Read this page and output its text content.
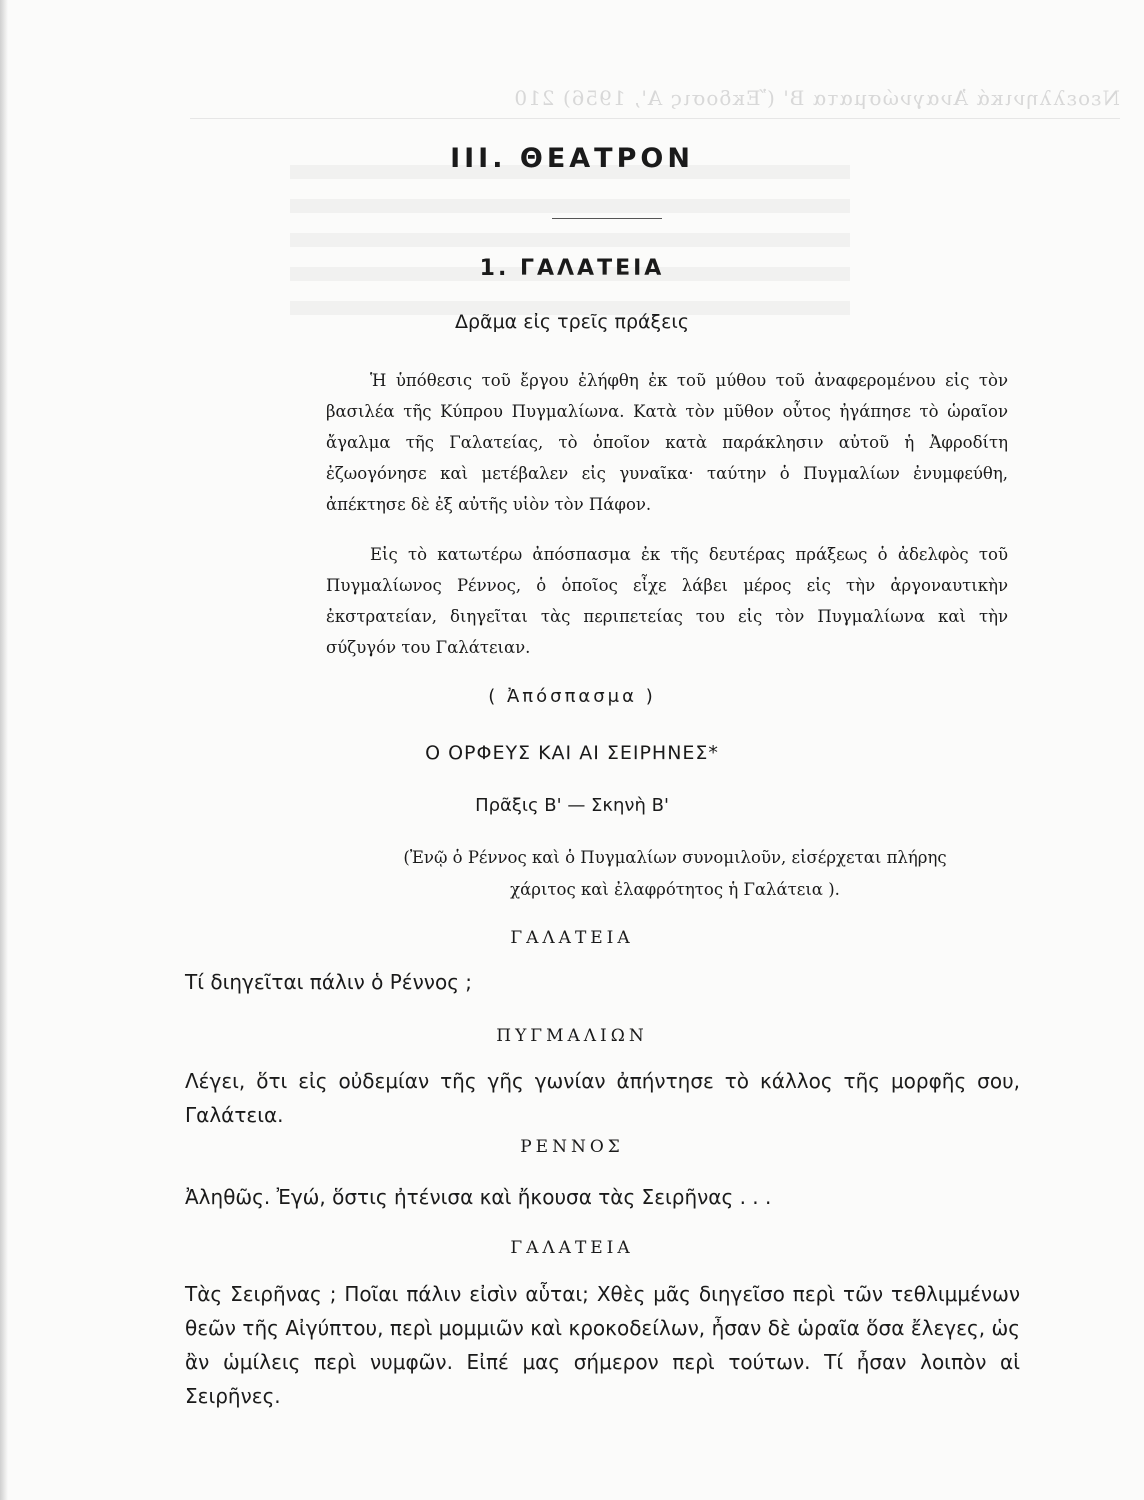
Νεοελληνικά Ἀναγνώσματα Β' (Ἔκδοσις Α', 1956) 210
ΙΙΙ. ΘΕΑΤΡΟΝ
1. ΓΑΛΑΤΕΙΑ
Δρᾶμα εἰς τρεῖς πράξεις

Ἡ ὑπόθεσις τοῦ ἔργου ἐλήφθη ἐκ τοῦ μύθου τοῦ ἀναφερομένου εἰς τὸν βασιλέα τῆς Κύπρου Πυγμαλίωνα. Κατὰ τὸν μῦθον οὗτος ἠγάπησε τὸ ὡραῖον ἄγαλμα τῆς Γαλατείας, τὸ ὁποῖον κατὰ παράκλησιν αὐτοῦ ἡ Ἀφροδίτη ἐζωογόνησε καὶ μετέβαλεν εἰς γυναῖκα· ταύτην ὁ Πυγμαλίων ἐνυμφεύθη, ἀπέκτησε δὲ ἐξ αὐτῆς υἱὸν τὸν Πάφον.

Εἰς τὸ κατωτέρω ἀπόσπασμα ἐκ τῆς δευτέρας πράξεως ὁ ἀδελφὸς τοῦ Πυγμαλίωνος Ρέννος, ὁ ὁποῖος εἶχε λάβει μέρος εἰς τὴν ἀργοναυτικὴν ἐκστρατείαν, διηγεῖται τὰς περιπετείας του εἰς τὸν Πυγμαλίωνα καὶ τὴν σύζυγόν του Γαλάτειαν.

( Ἀπόσπασμα )
Ο ΟΡΦΕΥΣ ΚΑΙ ΑΙ ΣΕΙΡΗΝΕΣ*
Πρᾶξις Β' — Σκηνὴ Β'
(Ἐνῷ ὁ Ρέννος καὶ ὁ Πυγμαλίων συνομιλοῦν, εἰσέρχεται πλήρης χάριτος καὶ ἐλαφρότητος ἡ Γαλάτεια ).
ΓΑΛΑΤΕΙΑ
Τί διηγεῖται πάλιν ὁ Ρέννος ;
ΠΥΓΜΑΛΙΩΝ
Λέγει, ὅτι εἰς οὐδεμίαν τῆς γῆς γωνίαν ἀπήντησε τὸ κάλλος τῆς μορφῆς σου, Γαλάτεια.
ΡΕΝΝΟΣ
Ἀληθῶς. Ἐγώ, ὅστις ἠτένισα καὶ ἤκουσα τὰς Σειρῆνας . . .
ΓΑΛΑΤΕΙΑ
Τὰς Σειρῆνας ; Ποῖαι πάλιν εἰσὶν αὗται; Χθὲς μᾶς διηγεῖσο περὶ τῶν τεθλιμμένων θεῶν τῆς Αἰγύπτου, περὶ μομμιῶν καὶ κροκοδείλων, ἦσαν δὲ ὡραῖα ὅσα ἔλεγες, ὡς ἂν ὡμίλεις περὶ νυμφῶν. Εἰπέ μας σήμερον περὶ τούτων. Τί ἦσαν λοιπὸν αἱ Σειρῆνες.
